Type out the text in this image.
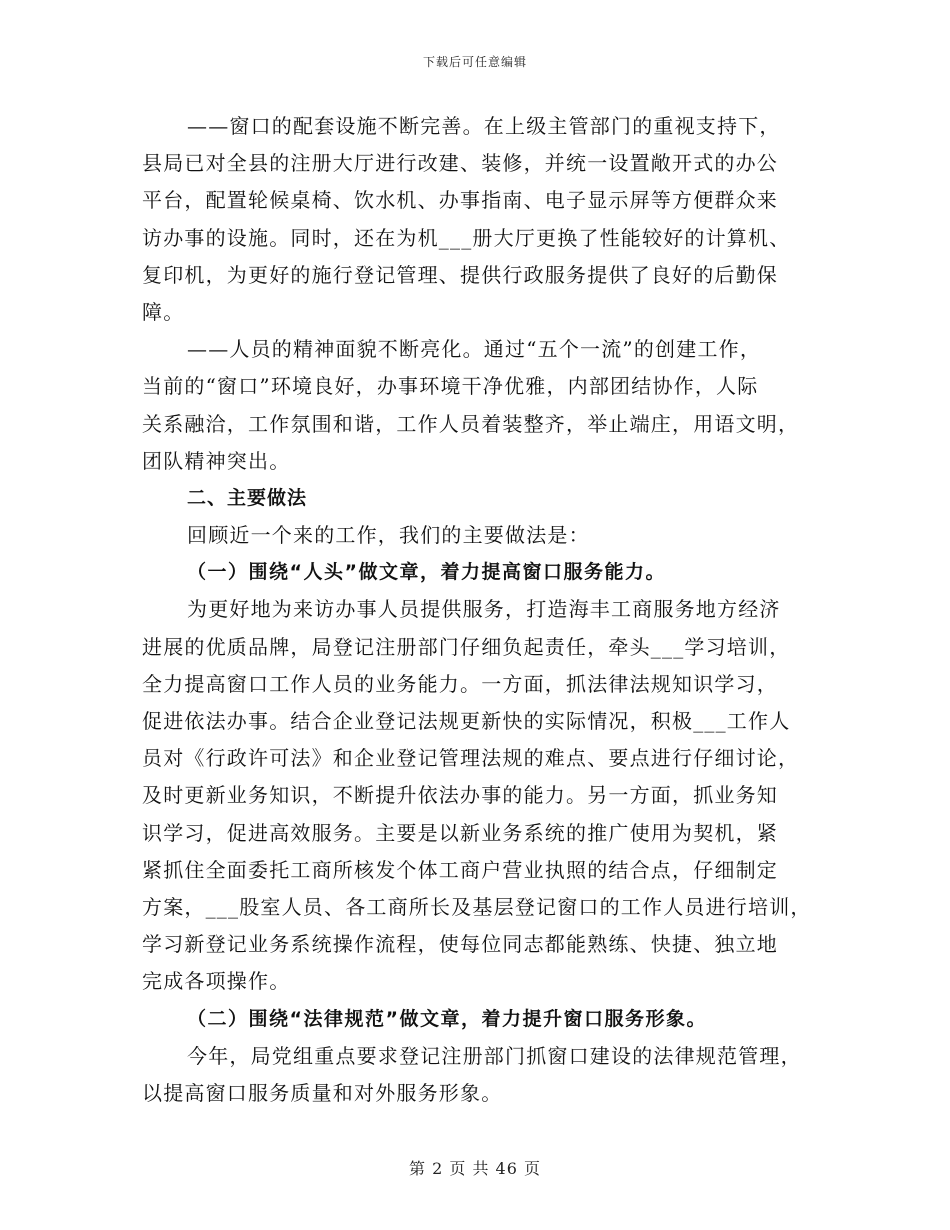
下载后可任意编辑
——窗口的配套设施不断完善。在上级主管部门的重视支持下，
县局已对全县的注册大厅进行改建、装修，并统一设置敞开式的办公
平台，配置轮候桌椅、饮水机、办事指南、电子显示屏等方便群众来
访办事的设施。同时，还在为机___册大厅更换了性能较好的计算机、
复印机，为更好的施行登记管理、提供行政服务提供了良好的后勤保
障。
——人员的精神面貌不断亮化。通过“五个一流”的创建工作，
当前的“窗口”环境良好，办事环境干净优雅，内部团结协作，人际
关系融洽，工作氛围和谐，工作人员着装整齐，举止端庄，用语文明，
团队精神突出。
二、主要做法
回顾近一个来的工作，我们的主要做法是：
（一）围绕“人头”做文章，着力提高窗口服务能力。
为更好地为来访办事人员提供服务，打造海丰工商服务地方经济
进展的优质品牌，局登记注册部门仔细负起责任，牵头___学习培训，
全力提高窗口工作人员的业务能力。一方面，抓法律法规知识学习，
促进依法办事。结合企业登记法规更新快的实际情况，积极___工作人
员对《行政许可法》和企业登记管理法规的难点、要点进行仔细讨论，
及时更新业务知识，不断提升依法办事的能力。另一方面，抓业务知
识学习，促进高效服务。主要是以新业务系统的推广使用为契机，紧
紧抓住全面委托工商所核发个体工商户营业执照的结合点，仔细制定
方案，___股室人员、各工商所长及基层登记窗口的工作人员进行培训，
学习新登记业务系统操作流程，使每位同志都能熟练、快捷、独立地
完成各项操作。
（二）围绕“法律规范”做文章，着力提升窗口服务形象。
今年，局党组重点要求登记注册部门抓窗口建设的法律规范管理，
以提高窗口服务质量和对外服务形象。
第 2 页 共 46 页
